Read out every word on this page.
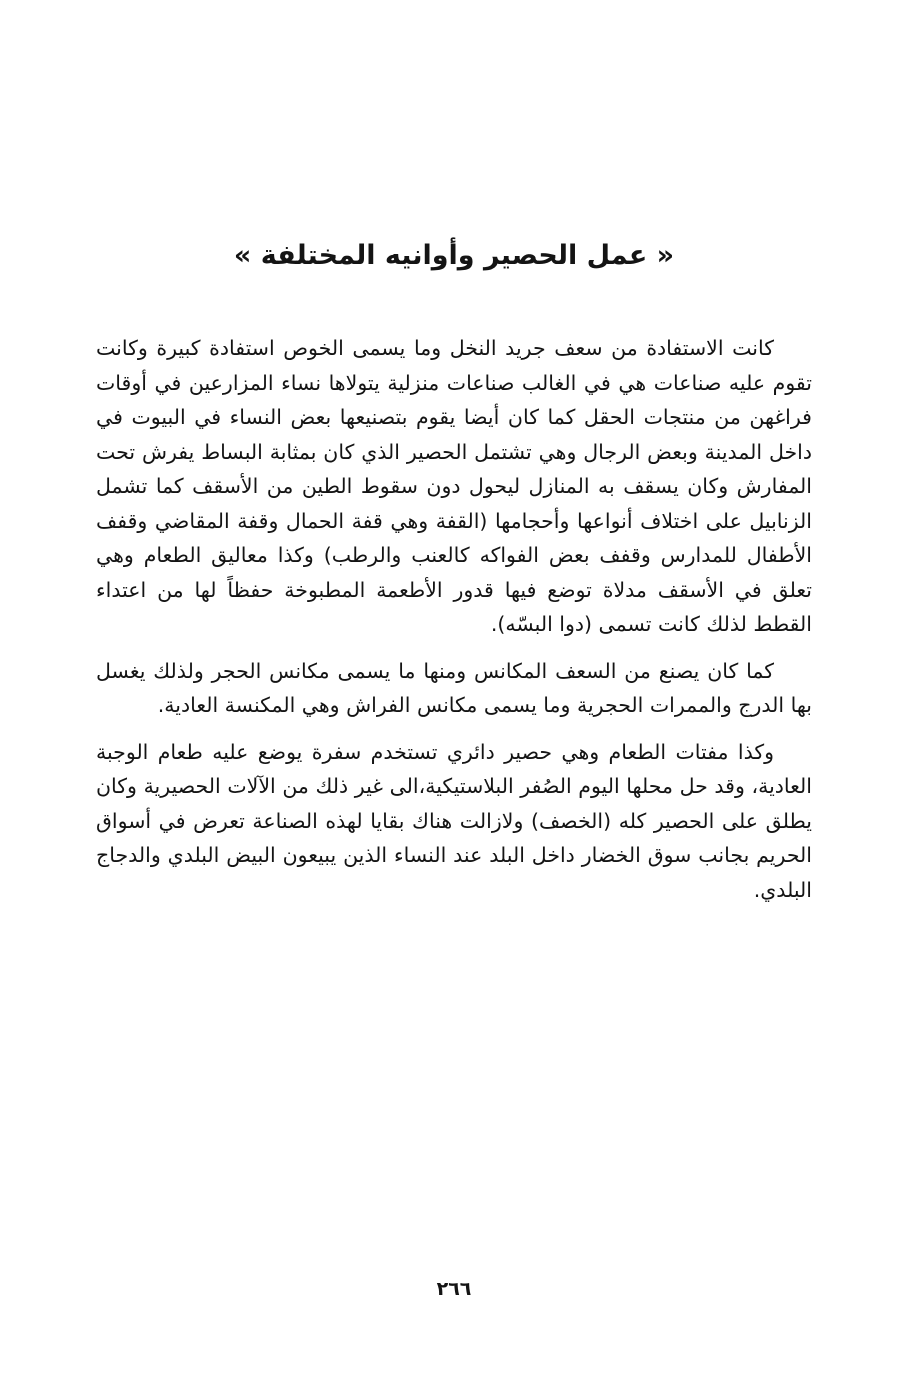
« عمل الحصير وأوانيه المختلفة »

كانت الاستفادة من سعف جريد النخل وما يسمى الخوص استفادة كبيرة وكانت تقوم عليه صناعات هي في الغالب صناعات منزلية يتولاها نساء المزارعين في أوقات فراغهن من منتجات الحقل كما كان أيضا يقوم بتصنيعها بعض النساء في البيوت في داخل المدينة وبعض الرجال وهي تشتمل الحصير الذي كان بمثابة البساط يفرش تحت المفارش وكان يسقف به المنازل ليحول دون سقوط الطين من الأسقف كما تشمل الزنابيل على اختلاف أنواعها وأحجامها (القفة وهي قفة الحمال وقفة المقاضي وقفف الأطفال للمدارس وقفف بعض الفواكه كالعنب والرطب) وكذا معاليق الطعام وهي تعلق في الأسقف مدلاة توضع فيها قدور الأطعمة المطبوخة حفظاً لها من اعتداء القطط لذلك كانت تسمى (دوا البسّه).

كما كان يصنع من السعف المكانس ومنها ما يسمى مكانس الحجر ولذلك يغسل بها الدرج والممرات الحجرية وما يسمى مكانس الفراش وهي المكنسة العادية.

وكذا مفتات الطعام وهي حصير دائري تستخدم سفرة يوضع عليه طعام الوجبة العادية، وقد حل محلها اليوم الصُفر البلاستيكية،الى غير ذلك من الآلات الحصيرية وكان يطلق على الحصير كله (الخصف) ولازالت هناك بقايا لهذه الصناعة تعرض في أسواق الحريم بجانب سوق الخضار داخل البلد عند النساء الذين يبيعون البيض البلدي والدجاج البلدي.

٢٦٦
